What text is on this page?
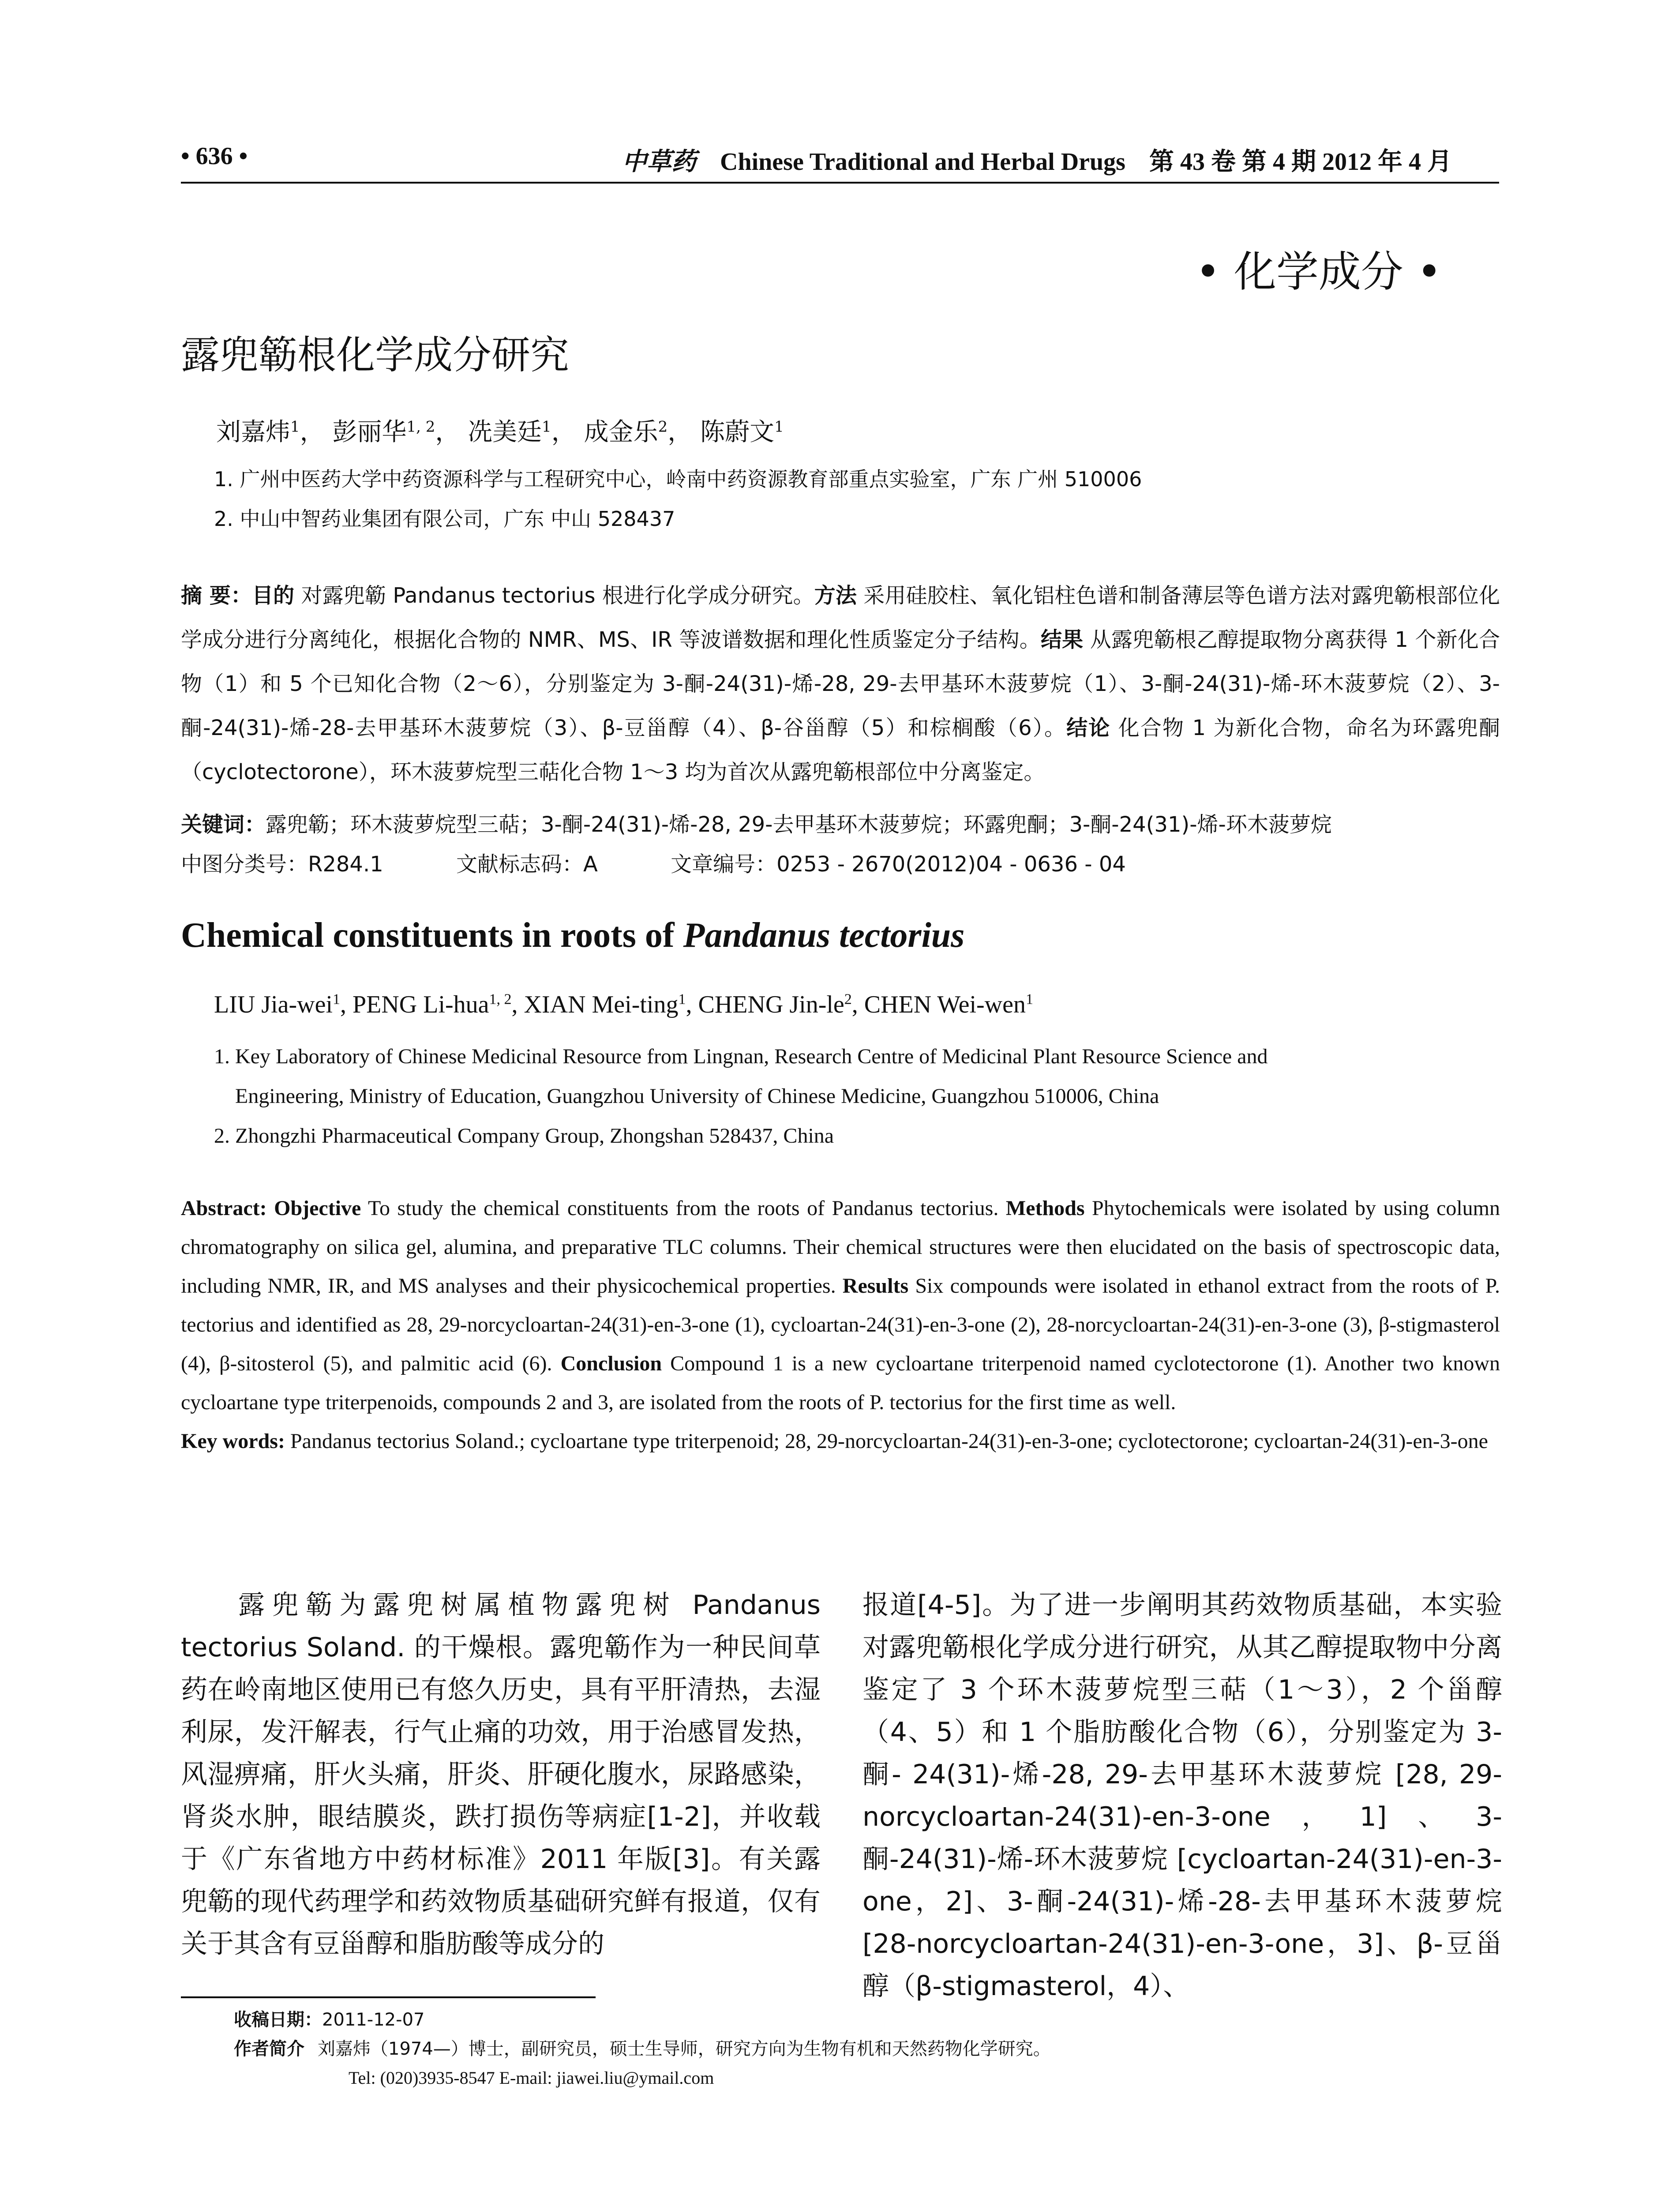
• 636 •	中草药 Chinese Traditional and Herbal Drugs 第 43 卷 第 4 期 2012 年 4 月
• 化学成分 •
露兜簕根化学成分研究
刘嘉炜$^1$， 彭丽华$^{1, 2}$， 冼美廷$^1$， 成金乐$^2$， 陈蔚文$^1$
1. 广州中医药大学中药资源科学与工程研究中心，岭南中药资源教育部重点实验室，广东 广州 510006
2. 中山中智药业集团有限公司，广东 中山 528437
摘 要：目的 对露兜簕 Pandanus tectorius 根进行化学成分研究。方法 采用硅胶柱、氧化铝柱色谱和制备薄层等色谱方法对露兜簕根部位化学成分进行分离纯化，根据化合物的 NMR、MS、IR 等波谱数据和理化性质鉴定分子结构。结果 从露兜簕根乙醇提取物分离获得 1 个新化合物（1）和 5 个已知化合物（2～6），分别鉴定为 3-酮-24(31)-烯-28, 29-去甲基环木菠萝烷（1）、3-酮-24(31)-烯-环木菠萝烷（2）、3-酮-24(31)-烯-28-去甲基环木菠萝烷（3）、β-豆甾醇（4）、β-谷甾醇（5）和棕榈酸（6）。结论 化合物 1 为新化合物，命名为环露兜酮（cyclotectorone），环木菠萝烷型三萜化合物 1～3 均为首次从露兜簕根部位中分离鉴定。
关键词：露兜簕；环木菠萝烷型三萜；3-酮-24(31)-烯-28, 29-去甲基环木菠萝烷；环露兜酮；3-酮-24(31)-烯-环木菠萝烷
中图分类号：R284.1	文献标志码：A	文章编号：0253 - 2670(2012)04 - 0636 - 04
Chemical constituents in roots of Pandanus tectorius
LIU Jia-wei$^1$, PENG Li-hua$^{1, 2}$, XIAN Mei-ting$^1$, CHENG Jin-$le^2$, CHEN Wei-wen$^1$
1. Key Laboratory of Chinese Medicinal Resource from Lingnan, Research Centre of Medicinal Plant Resource Science and
Engineering, Ministry of Education, Guangzhou University of Chinese Medicine, Guangzhou 510006, China
2. Zhongzhi Pharmaceutical Company Group, Zhongshan 528437, China
Abstract: Objective To study the chemical constituents from the roots of Pandanus tectorius. Methods Phytochemicals were isolated by using column chromatography on silica gel, alumina, and preparative TLC columns. Their chemical structures were then elucidated on the basis of spectroscopic data, including NMR, IR, and MS analyses and their physicochemical properties. Results Six compounds were isolated in ethanol extract from the roots of P. tectorius and identified as 28, 29-norcycloartan-24(31)-en-3-one (1), cycloartan-24(31)-en-3-one (2), 28-norcycloartan-24(31)-en-3-one (3), β-stigmasterol (4), β-sitosterol (5), and palmitic acid (6). Conclusion Compound 1 is a new cycloartane triterpenoid named cyclotectorone (1). Another two known cycloartane type triterpenoids, compounds 2 and 3, are isolated from the roots of P. tectorius for the first time as well.
Key words: Pandanus tectorius Soland.; cycloartane type triterpenoid; 28, 29-norcycloartan-24(31)-en-3-one; cyclotectorone; cycloartan-24(31)-en-3-one
露兜簕为露兜树属植物露兜树 Pandanus tectorius Soland. 的干燥根。露兜簕作为一种民间草药在岭南地区使用已有悠久历史，具有平肝清热，去湿利尿，发汗解表，行气止痛的功效，用于治感冒发热，风湿痹痛，肝火头痛，肝炎、肝硬化腹水，尿路感染，肾炎水肿，眼结膜炎，跌打损伤等病症[1-2]，并收载于《广东省地方中药材标准》2011 年版[3]。有关露兜簕的现代药理学和药效物质基础研究鲜有报道，仅有关于其含有豆甾醇和脂肪酸等成分的
报道[4-5]。为了进一步阐明其药效物质基础，本实验对露兜簕根化学成分进行研究，从其乙醇提取物中分离鉴定了 3 个环木菠萝烷型三萜（1～3），2 个甾醇（4、5）和 1 个脂肪酸化合物（6），分别鉴定为 3-酮- 24(31)-烯-28, 29-去甲基环木菠萝烷 [28, 29-norcycloartan-24(31)-en-3-one，1]、3-酮-24(31)-烯-环木菠萝烷 [cycloartan-24(31)-en-3-one，2]、3-酮-24(31)-烯-28-去甲基环木菠萝烷 [28-norcycloartan-24(31)-en-3-one，3]、β-豆甾醇（β-stigmasterol，4）、
收稿日期：2011-12-07
作者简介 刘嘉炜（1974—）博士，副研究员，硕士生导师，研究方向为生物有机和天然药物化学研究。
Tel: (020)3935-8547 E-mail: jiawei.liu@ymail.com
